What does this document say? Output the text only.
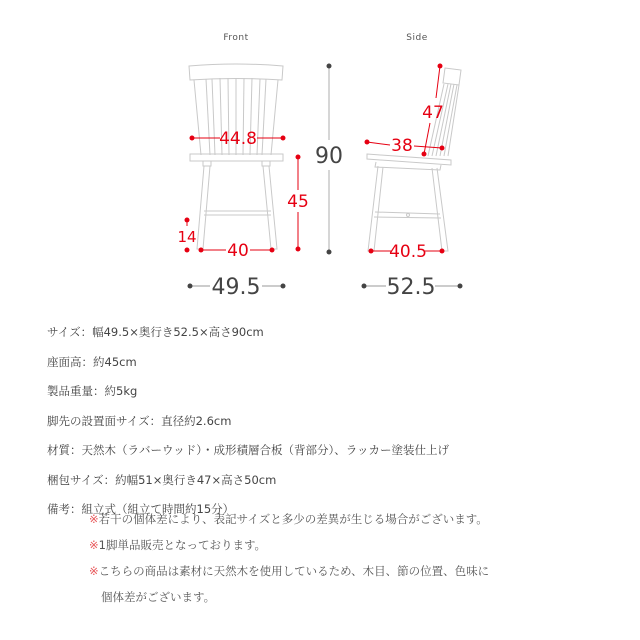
Front
44.8
45
14
40
49.5
90
Side
47
38
40.5
52.5
サイズ：幅49.5×奥行き52.5×高さ90cm
座面高：約45cm
製品重量：約5kg
脚先の設置面サイズ：直径約2.6cm
材質：天然木（ラバーウッド）・成形積層合板（背部分）、ラッカー塗装仕上げ
梱包サイズ：約幅51×奥行き47×高さ50cm
備考：組立式（組立て時間約15分）
※若干の個体差により、表記サイズと多少の差異が生じる場合がございます。
※1脚単品販売となっております。
※こちらの商品は素材に天然木を使用しているため、木目、節の位置、色味に
個体差がございます。
